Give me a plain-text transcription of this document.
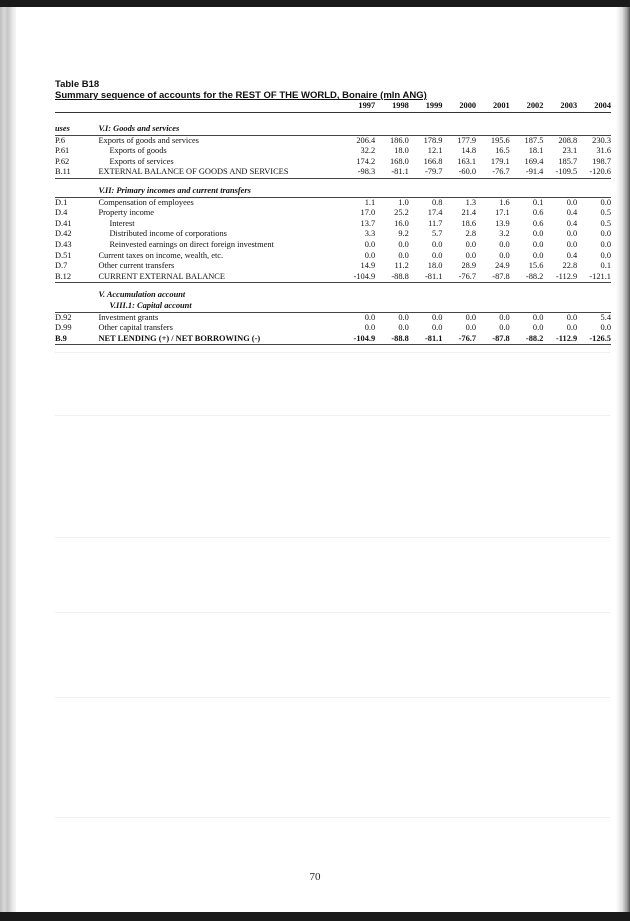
Table B18

Summary sequence of accounts for the REST OF THE WORLD, Bonaire (mln ANG)

		1997	1998	1999	2000	2001	2002	2003	2004
uses	V.I: Goods and services								
P.6	Exports of goods and services	206.4	186.0	178.9	177.9	195.6	187.5	208.8	230.3
P.61	Exports of goods	32.2	18.0	12.1	14.8	16.5	18.1	23.1	31.6
P.62	Exports of services	174.2	168.0	166.8	163.1	179.1	169.4	185.7	198.7
B.11	EXTERNAL BALANCE OF GOODS AND SERVICES	-98.3	-81.1	-79.7	-60.0	-76.7	-91.4	-109.5	-120.6
	V.II: Primary incomes and current transfers								
D.1	Compensation of employees	1.1	1.0	0.8	1.3	1.6	0.1	0.0	0.0
D.4	Property income	17.0	25.2	17.4	21.4	17.1	0.6	0.4	0.5
D.41	Interest	13.7	16.0	11.7	18.6	13.9	0.6	0.4	0.5
D.42	Distributed income of corporations	3.3	9.2	5.7	2.8	3.2	0.0	0.0	0.0
D.43	Reinvested earnings on direct foreign investment	0.0	0.0	0.0	0.0	0.0	0.0	0.0	0.0
D.51	Current taxes on income, wealth, etc.	0.0	0.0	0.0	0.0	0.0	0.0	0.4	0.0
D.7	Other current transfers	14.9	11.2	18.0	28.9	24.9	15.6	22.8	0.1
B.12	CURRENT EXTERNAL BALANCE	-104.9	-88.8	-81.1	-76.7	-87.8	-88.2	-112.9	-121.1
	V. Accumulation account								
	V.III.1: Capital account								
D.92	Investment grants	0.0	0.0	0.0	0.0	0.0	0.0	0.0	5.4
D.99	Other capital transfers	0.0	0.0	0.0	0.0	0.0	0.0	0.0	0.0
B.9	NET LENDING (+) / NET BORROWING (-)	-104.9	-88.8	-81.1	-76.7	-87.8	-88.2	-112.9	-126.5
70
